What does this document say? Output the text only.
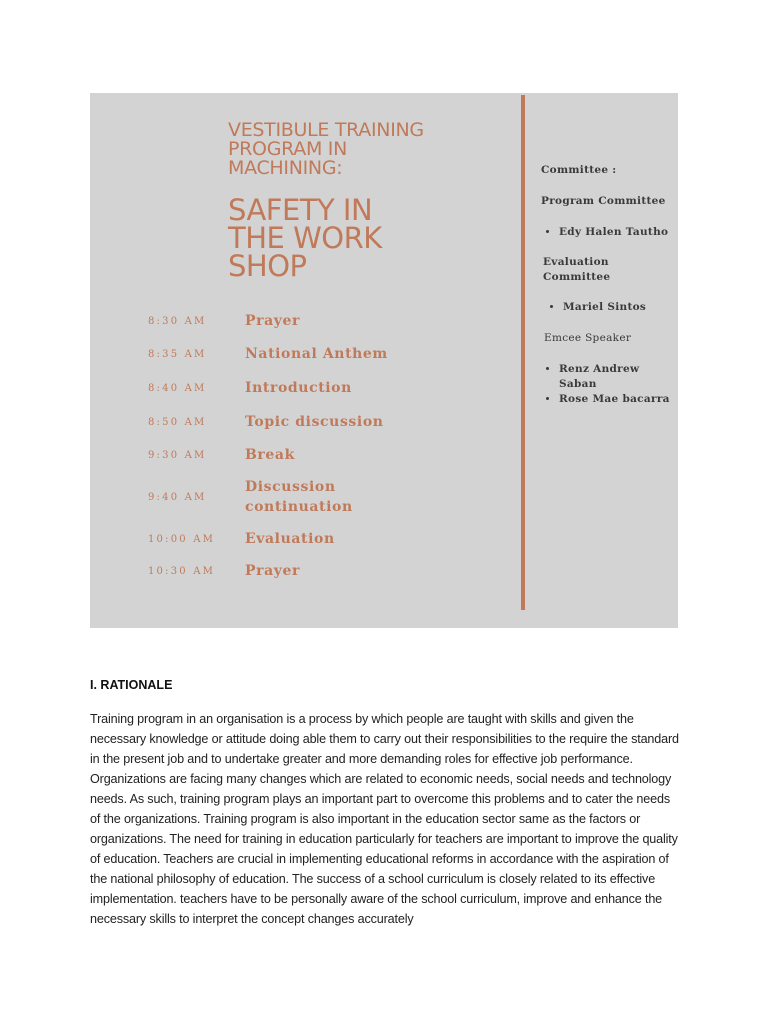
VESTIBULE TRAINING
PROGRAM IN
MACHINING:
SAFETY IN
THE WORK
SHOP
8:30 AM	Prayer
8:35 AM	National Anthem
8:40 AM	Introduction
8:50 AM	Topic discussion
9:30 AM	Break
9:40 AM
Discussion continuation
10:00 AM	Evaluation
10:30 AM	Prayer

Committee :

Program Committee

• Edy Halen Tautho

Evaluation Committee

• Mariel Sintos

Emcee Speaker

• Renz Andrew Saban
• Rose Mae bacarra
I. RATIONALE

Training program in an organisation is a process by which people are taught with skills and given the necessary knowledge or attitude doing able them to carry out their responsibilities to the require the standard in the present job and to undertake greater and more demanding roles for effective job performance. Organizations are facing many changes which are related to economic needs, social needs and technology needs. As such, training program plays an important part to overcome this problems and to cater the needs of the organizations. Training program is also important in the education sector same as the factors or organizations. The need for training in education particularly for teachers are important to improve the quality of education. Teachers are crucial in implementing educational reforms in accordance with the aspiration of the national philosophy of education. The success of a school curriculum is closely related to its effective implementation. teachers have to be personally aware of the school curriculum, improve and enhance the necessary skills to interpret the concept changes accurately
